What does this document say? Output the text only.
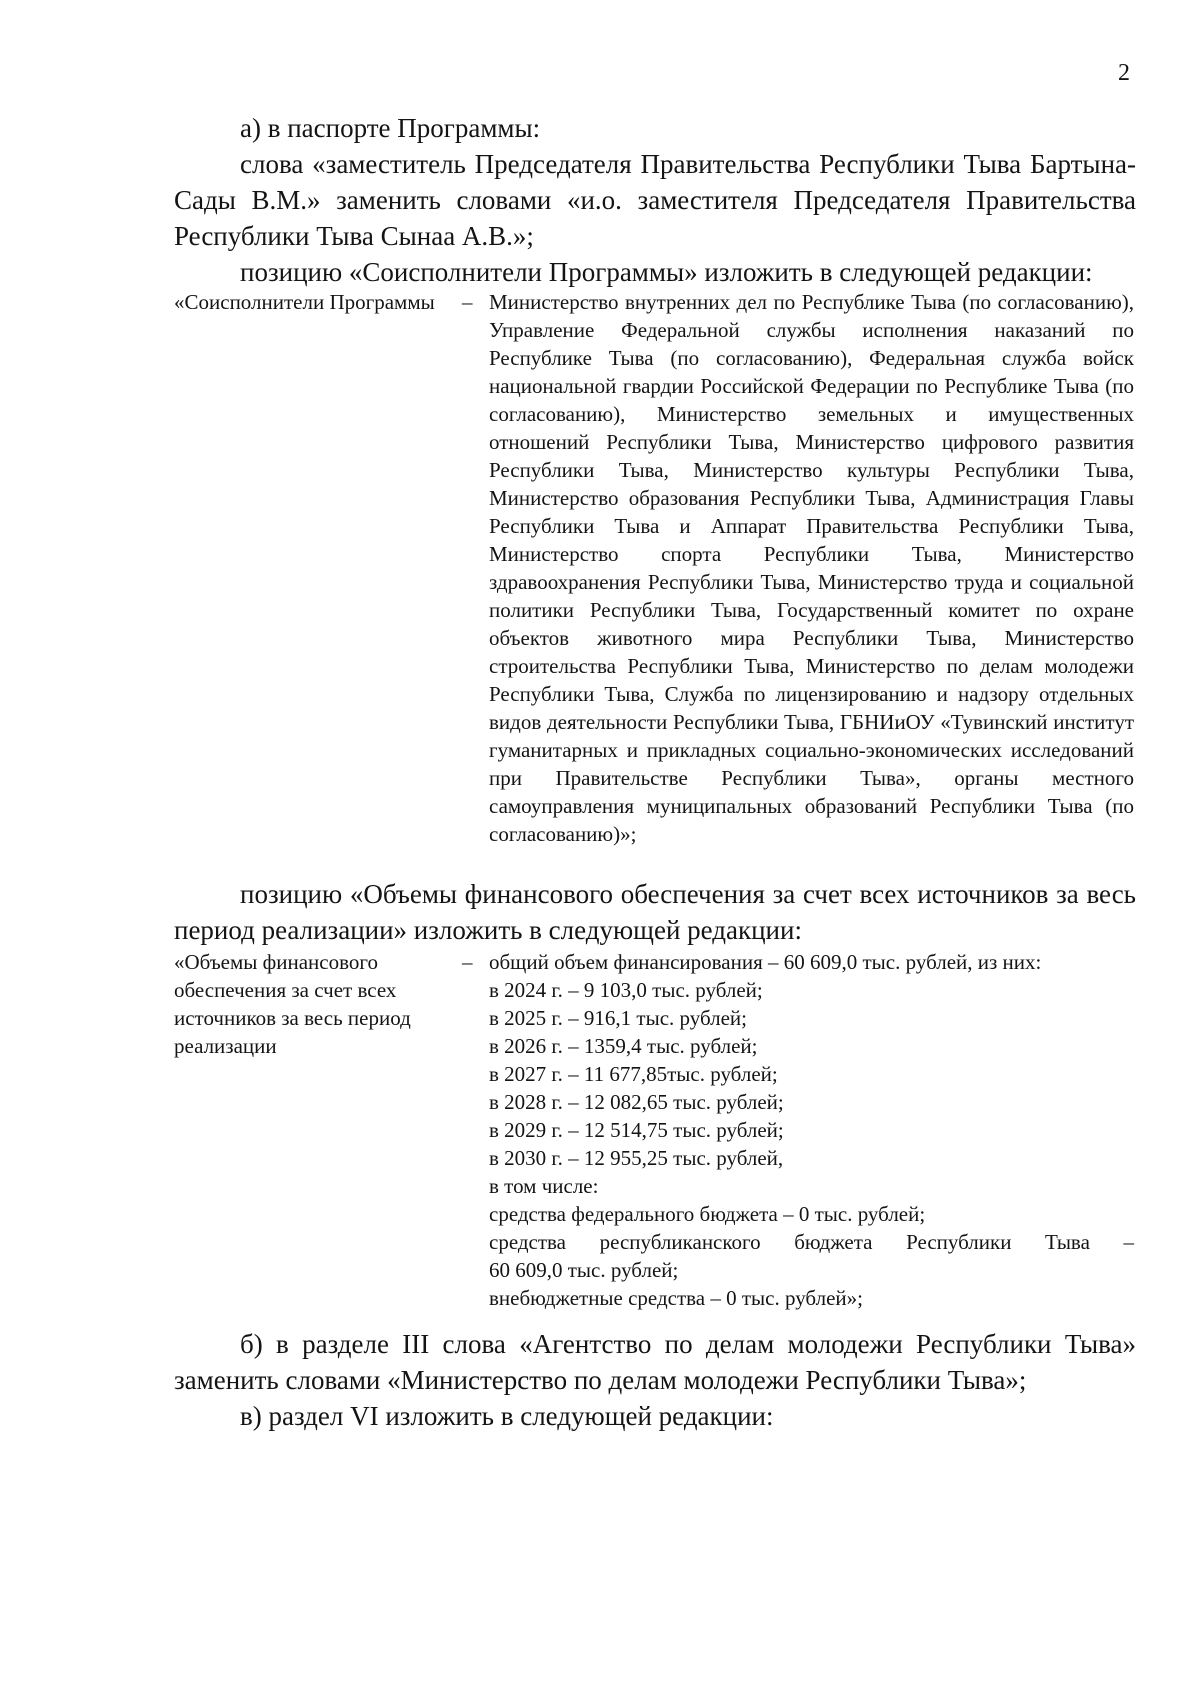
2

а) в паспорте Программы:

слова «заместитель Председателя Правительства Республики Тыва Бартына-Сады В.М.» заменить словами «и.о. заместителя Председателя Правительства Республики Тыва Сынаа А.В.»;

позицию «Соисполнители Программы» изложить в следующей редакции:

«Соисполнители Программы	– Министерство внутренних дел по Республике Тыва (по согласованию), Управление Федеральной службы исполнения наказаний по Республике Тыва (по согласованию), Федеральная служба войск национальной гвардии Российской Федерации по Республике Тыва (по согласованию), Министерство земельных и имущественных отношений Республики Тыва, Министерство цифрового развития Республики Тыва, Министерство культуры Республики Тыва, Министерство образования Республики Тыва, Администрация Главы Республики Тыва и Аппарат Правительства Республики Тыва, Министерство спорта Республики Тыва, Министерство здравоохранения Республики Тыва, Министерство труда и социальной политики Республики Тыва, Государственный комитет по охране объектов животного мира Республики Тыва, Министерство строительства Республики Тыва, Министерство по делам молодежи Республики Тыва, Служба по лицензированию и надзору отдельных видов деятельности Республики Тыва, ГБНИиОУ «Тувинский институт гуманитарных и прикладных социально-экономических исследований при Правительстве Республики Тыва», органы местного самоуправления муниципальных образований Республики Тыва (по согласованию)»;

позицию «Объемы финансового обеспечения за счет всех источников за весь период реализации» изложить в следующей редакции:

«Объемы финансового обеспечения за счет всех источников за весь период реализации
– общий объем финансирования – 60 609,0 тыс. рублей, из них:
в 2024 г. – 9 103,0 тыс. рублей;
в 2025 г. – 916,1 тыс. рублей;
в 2026 г. – 1359,4 тыс. рублей;
в 2027 г. – 11 677,85тыс. рублей;
в 2028 г. – 12 082,65 тыс. рублей;
в 2029 г. – 12 514,75 тыс. рублей;
в 2030 г. – 12 955,25 тыс. рублей,
в том числе:
средства федерального бюджета – 0 тыс. рублей;
средства республиканского бюджета Республики Тыва –
60 609,0 тыс. рублей;
внебюджетные средства – 0 тыс. рублей»;

б) в разделе III слова «Агентство по делам молодежи Республики Тыва» заменить словами «Министерство по делам молодежи Республики Тыва»;

в) раздел VI изложить в следующей редакции:
